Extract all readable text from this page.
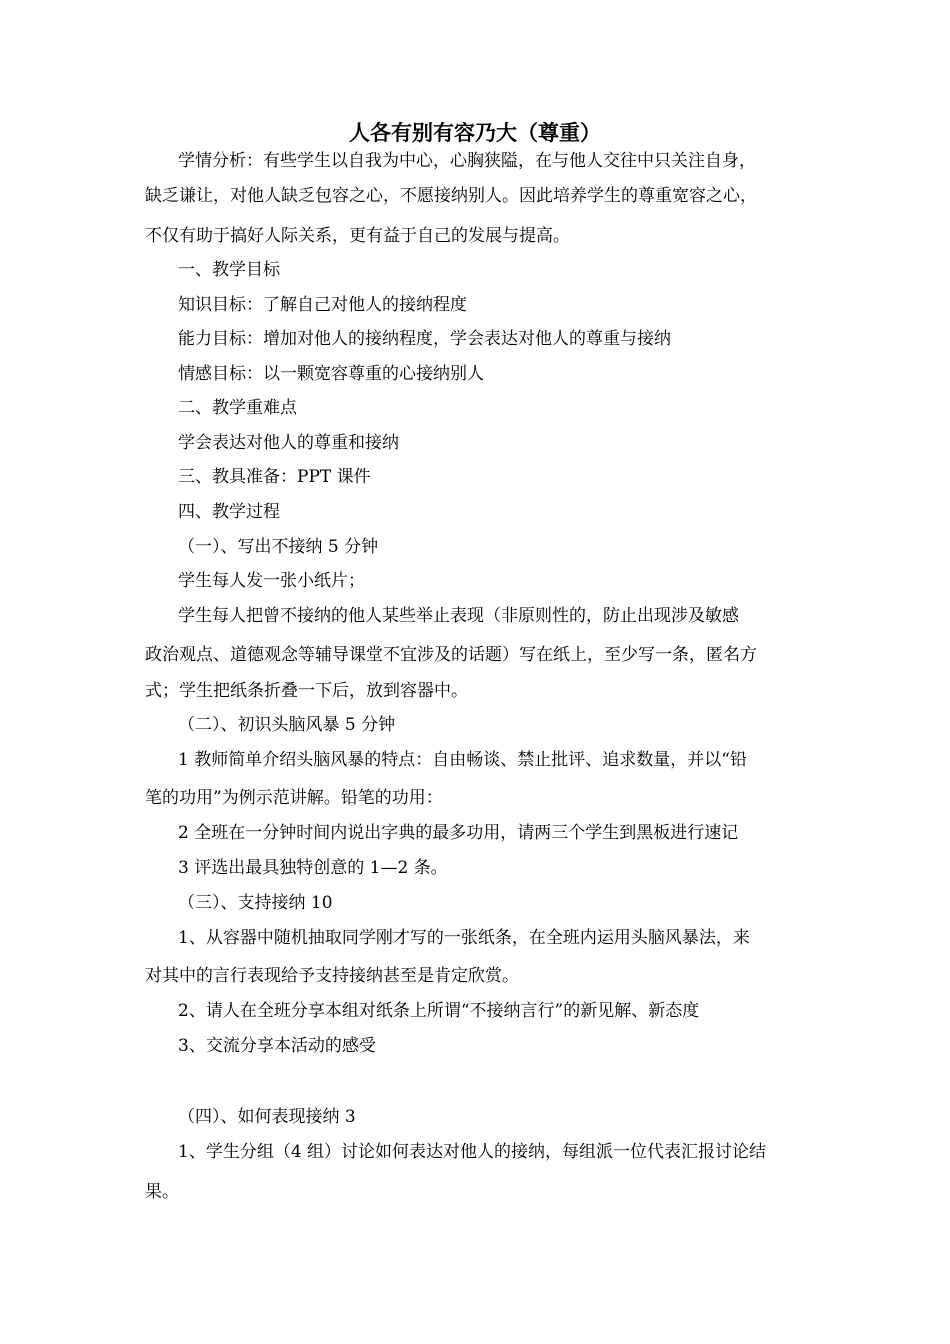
人各有别有容乃大（尊重）
学情分析：有些学生以自我为中心，心胸狭隘，在与他人交往中只关注自身，
缺乏谦让，对他人缺乏包容之心，不愿接纳别人。因此培养学生的尊重宽容之心，
不仅有助于搞好人际关系，更有益于自己的发展与提高。
一、教学目标
知识目标：了解自己对他人的接纳程度
能力目标：增加对他人的接纳程度，学会表达对他人的尊重与接纳
情感目标：以一颗宽容尊重的心接纳别人
二、教学重难点
学会表达对他人的尊重和接纳
三、教具准备：PPT 课件
四、教学过程
（一）、写出不接纳 5 分钟
学生每人发一张小纸片；
学生每人把曾不接纳的他人某些举止表现（非原则性的，防止出现涉及敏感
政治观点、道德观念等辅导课堂不宜涉及的话题）写在纸上，至少写一条，匿名方
式；学生把纸条折叠一下后，放到容器中。
（二）、初识头脑风暴 5 分钟
1 教师简单介绍头脑风暴的特点：自由畅谈、禁止批评、追求数量，并以“铅
笔的功用”为例示范讲解。铅笔的功用：
2 全班在一分钟时间内说出字典的最多功用，请两三个学生到黑板进行速记
3 评选出最具独特创意的 1—2 条。
（三）、支持接纳 10
1、从容器中随机抽取同学刚才写的一张纸条，在全班内运用头脑风暴法，来
对其中的言行表现给予支持接纳甚至是肯定欣赏。
2、请人在全班分享本组对纸条上所谓“不接纳言行”的新见解、新态度
3、交流分享本活动的感受
（四）、如何表现接纳 3
1、学生分组（4 组）讨论如何表达对他人的接纳，每组派一位代表汇报讨论结
果。
